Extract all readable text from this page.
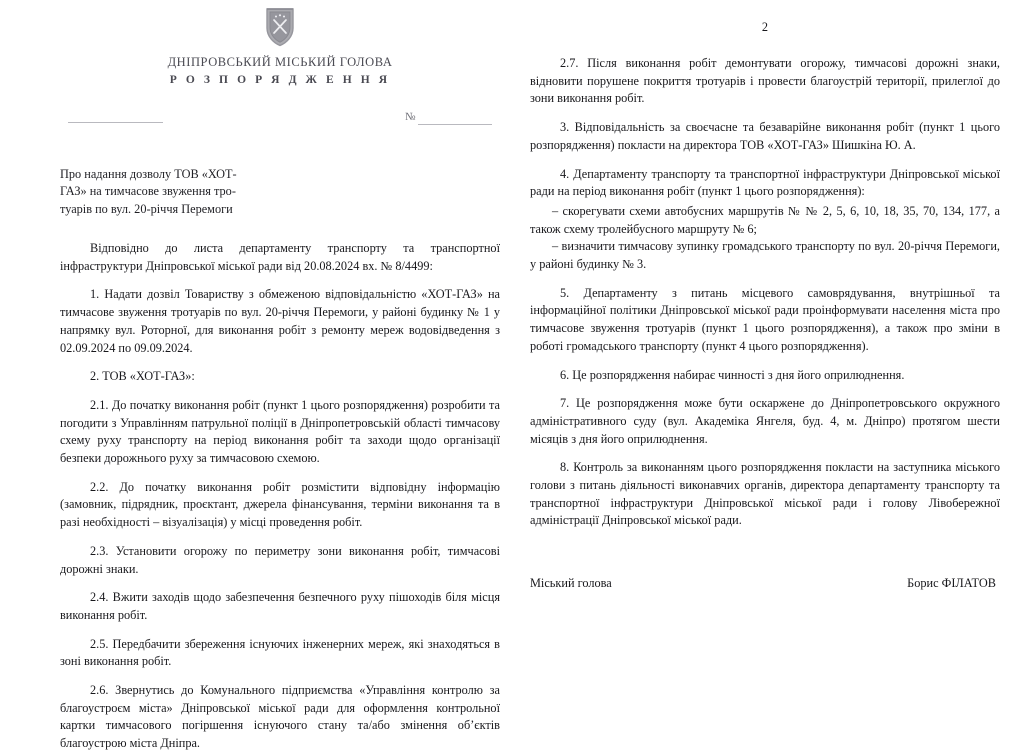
ДНІПРОВСЬКИЙ МІСЬКИЙ ГОЛОВА
Р О З П О Р Я Д Ж Е Н Н Я
№
Про надання дозволу ТОВ «ХОТ-
ГАЗ» на тимчасове звуження тро-
туарів по вул. 20-річчя Перемоги

Відповідно до листа департаменту транспорту та транспортної інфраструктури Дніпровської міської ради від 20.08.2024 вх. № 8/4499:

1. Надати дозвіл Товариству з обмеженою відповідальністю «ХОТ-ГАЗ» на тимчасове звуження тротуарів по вул. 20-річчя Перемоги, у районі будинку № 1 у напрямку вул. Роторної, для виконання робіт з ремонту мереж водовідведення з 02.09.2024 по 09.09.2024.

2. ТОВ «ХОТ-ГАЗ»:

2.1. До початку виконання робіт (пункт 1 цього розпорядження) розробити та погодити з Управлінням патрульної поліції в Дніпропетровській області тимчасову схему руху транспорту на період виконання робіт та заходи щодо організації безпеки дорожнього руху за тимчасовою схемою.

2.2. До початку виконання робіт розмістити відповідну інформацію (замовник, підрядник, проєктант, джерела фінансування, терміни виконання та в разі необхідності – візуалізація) у місці проведення робіт.

2.3. Установити огорожу по периметру зони виконання робіт, тимчасові дорожні знаки.

2.4. Вжити заходів щодо забезпечення безпечного руху пішоходів біля місця виконання робіт.

2.5. Передбачити збереження існуючих інженерних мереж, які знаходяться в зоні виконання робіт.

2.6. Звернутись до Комунального підприємства «Управління контролю за благоустроєм міста» Дніпровської міської ради для оформлення контрольної картки тимчасового погіршення існуючого стану та/або змінення об’єктів благоустрою міста Дніпра.

2

2.7. Після виконання робіт демонтувати огорожу, тимчасові дорожні знаки, відновити порушене покриття тротуарів і провести благоустрій території, прилеглої до зони виконання робіт.

3. Відповідальність за своєчасне та безаварійне виконання робіт (пункт 1 цього розпорядження) покласти на директора ТОВ «ХОТ-ГАЗ» Шишкіна Ю. А.

4. Департаменту транспорту та транспортної інфраструктури Дніпровської міської ради на період виконання робіт (пункт 1 цього розпорядження):

– скорегувати схеми автобусних маршрутів № № 2, 5, 6, 10, 18, 35, 70, 134, 177, а також схему тролейбусного маршруту № 6;

– визначити тимчасову зупинку громадського транспорту по вул. 20-річчя Перемоги, у районі будинку № 3.

5. Департаменту з питань місцевого самоврядування, внутрішньої та інформаційної політики Дніпровської міської ради проінформувати населення міста про тимчасове звуження тротуарів (пункт 1 цього розпорядження), а також про зміни в роботі громадського транспорту (пункт 4 цього розпорядження).

6. Це розпорядження набирає чинності з дня його оприлюднення.

7. Це розпорядження може бути оскаржене до Дніпропетровського окружного адміністративного суду (вул. Академіка Янгеля, буд. 4, м. Дніпро) протягом шести місяців з дня його оприлюднення.

8. Контроль за виконанням цього розпорядження покласти на заступника міського голови з питань діяльності виконавчих органів, директора департаменту транспорту та транспортної інфраструктури Дніпровської міської ради і голову Лівобережної адміністрації Дніпровської міської ради.

Міський голова	Борис ФІЛАТОВ
